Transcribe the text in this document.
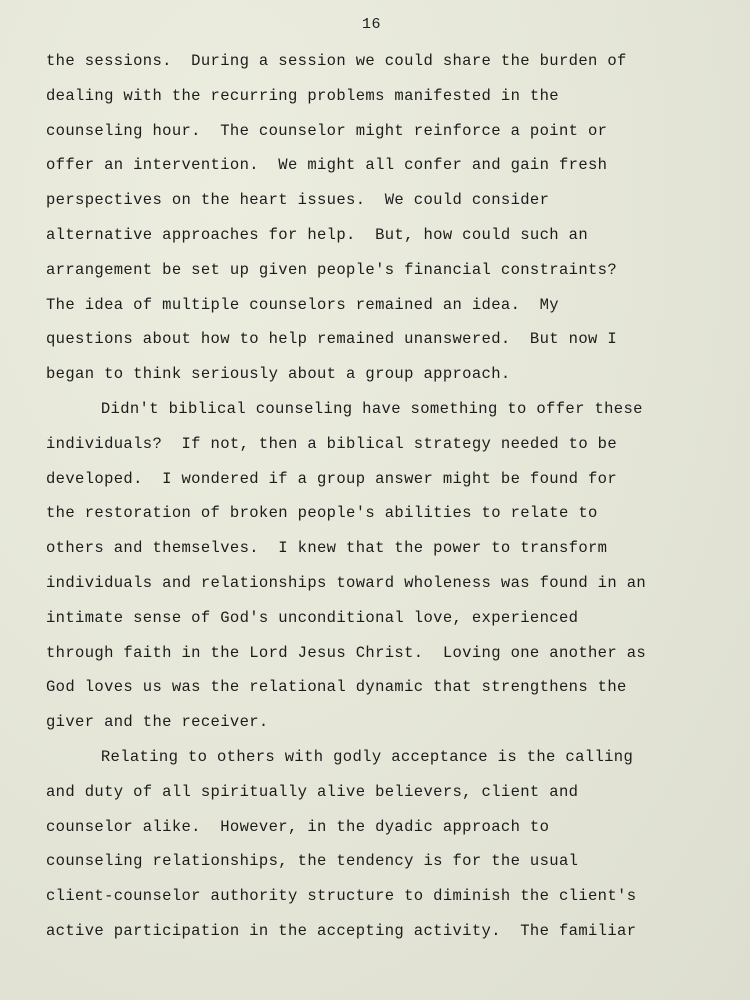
16
the sessions.  During a session we could share the burden of
dealing with the recurring problems manifested in the
counseling hour.  The counselor might reinforce a point or
offer an intervention.  We might all confer and gain fresh
perspectives on the heart issues.  We could consider
alternative approaches for help.  But, how could such an
arrangement be set up given people's financial constraints?
The idea of multiple counselors remained an idea.  My
questions about how to help remained unanswered.  But now I
began to think seriously about a group approach.
Didn't biblical counseling have something to offer these
individuals?  If not, then a biblical strategy needed to be
developed.  I wondered if a group answer might be found for
the restoration of broken people's abilities to relate to
others and themselves.  I knew that the power to transform
individuals and relationships toward wholeness was found in an
intimate sense of God's unconditional love, experienced
through faith in the Lord Jesus Christ.  Loving one another as
God loves us was the relational dynamic that strengthens the
giver and the receiver.
Relating to others with godly acceptance is the calling
and duty of all spiritually alive believers, client and
counselor alike.  However, in the dyadic approach to
counseling relationships, the tendency is for the usual
client-counselor authority structure to diminish the client's
active participation in the accepting activity.  The familiar
